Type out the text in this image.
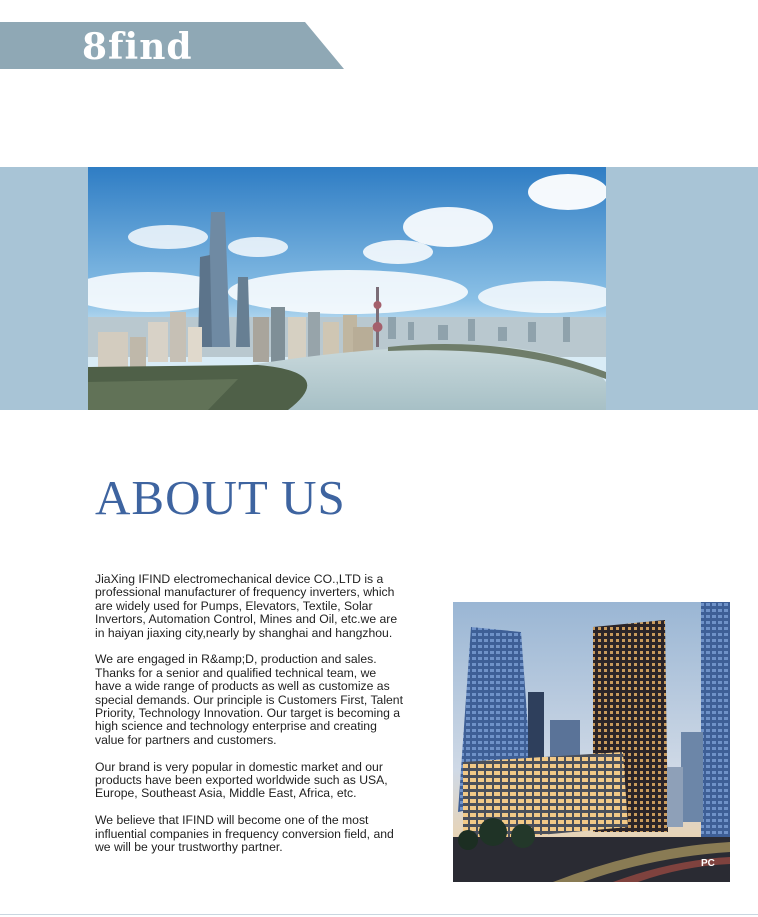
8find
ABOUT US

JiaXing IFIND electromechanical device CO.,LTD is a professional manufacturer of frequency inverters, which are widely used for Pumps, Elevators, Textile, Solar Invertors, Automation Control, Mines and Oil, etc.we are in haiyan jiaxing city,nearly by shanghai and hangzhou.

We are engaged in R&amp;D, production and sales. Thanks for a senior and qualified technical team, we have a wide range of products as well as customize as special demands. Our principle is Customers First, Talent Priority, Technology Innovation. Our target is becoming a high science and technology enterprise and creating value for partners and customers.

Our brand is very popular in domestic market and our products have been exported worldwide such as USA, Europe, Southeast Asia, Middle East, Africa, etc.

We believe that IFIND will become one of the most influential companies in frequency conversion field, and we will be your trustworthy partner.

PC
